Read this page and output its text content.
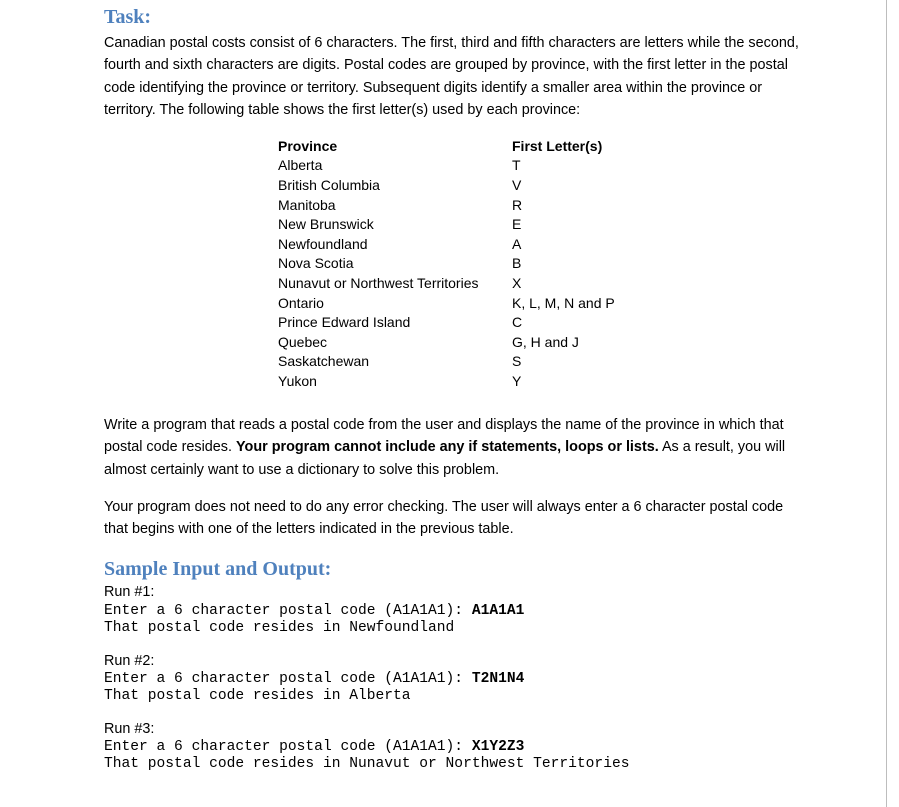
Task:

Canadian postal costs consist of 6 characters. The first, third and fifth characters are letters while the second, fourth and sixth characters are digits. Postal codes are grouped by province, with the first letter in the postal code identifying the province or territory. Subsequent digits identify a smaller area within the province or territory. The following table shows the first letter(s) used by each province:

Province	First Letter(s)
Alberta	T
British Columbia	V
Manitoba	R
New Brunswick	E
Newfoundland	A
Nova Scotia	B
Nunavut or Northwest Territories	X
Ontario	K, L, M, N and P
Prince Edward Island	C
Quebec	G, H and J
Saskatchewan	S
Yukon	Y

Write a program that reads a postal code from the user and displays the name of the province in which that postal code resides. Your program cannot include any if statements, loops or lists. As a result, you will almost certainly want to use a dictionary to solve this problem.

Your program does not need to do any error checking. The user will always enter a 6 character postal code that begins with one of the letters indicated in the previous table.

Sample Input and Output:
Run #1:
Enter a 6 character postal code (A1A1A1): A1A1A1
That postal code resides in Newfoundland
Run #2:
Enter a 6 character postal code (A1A1A1): T2N1N4
That postal code resides in Alberta
Run #3:
Enter a 6 character postal code (A1A1A1): X1Y2Z3
That postal code resides in Nunavut or Northwest Territories
